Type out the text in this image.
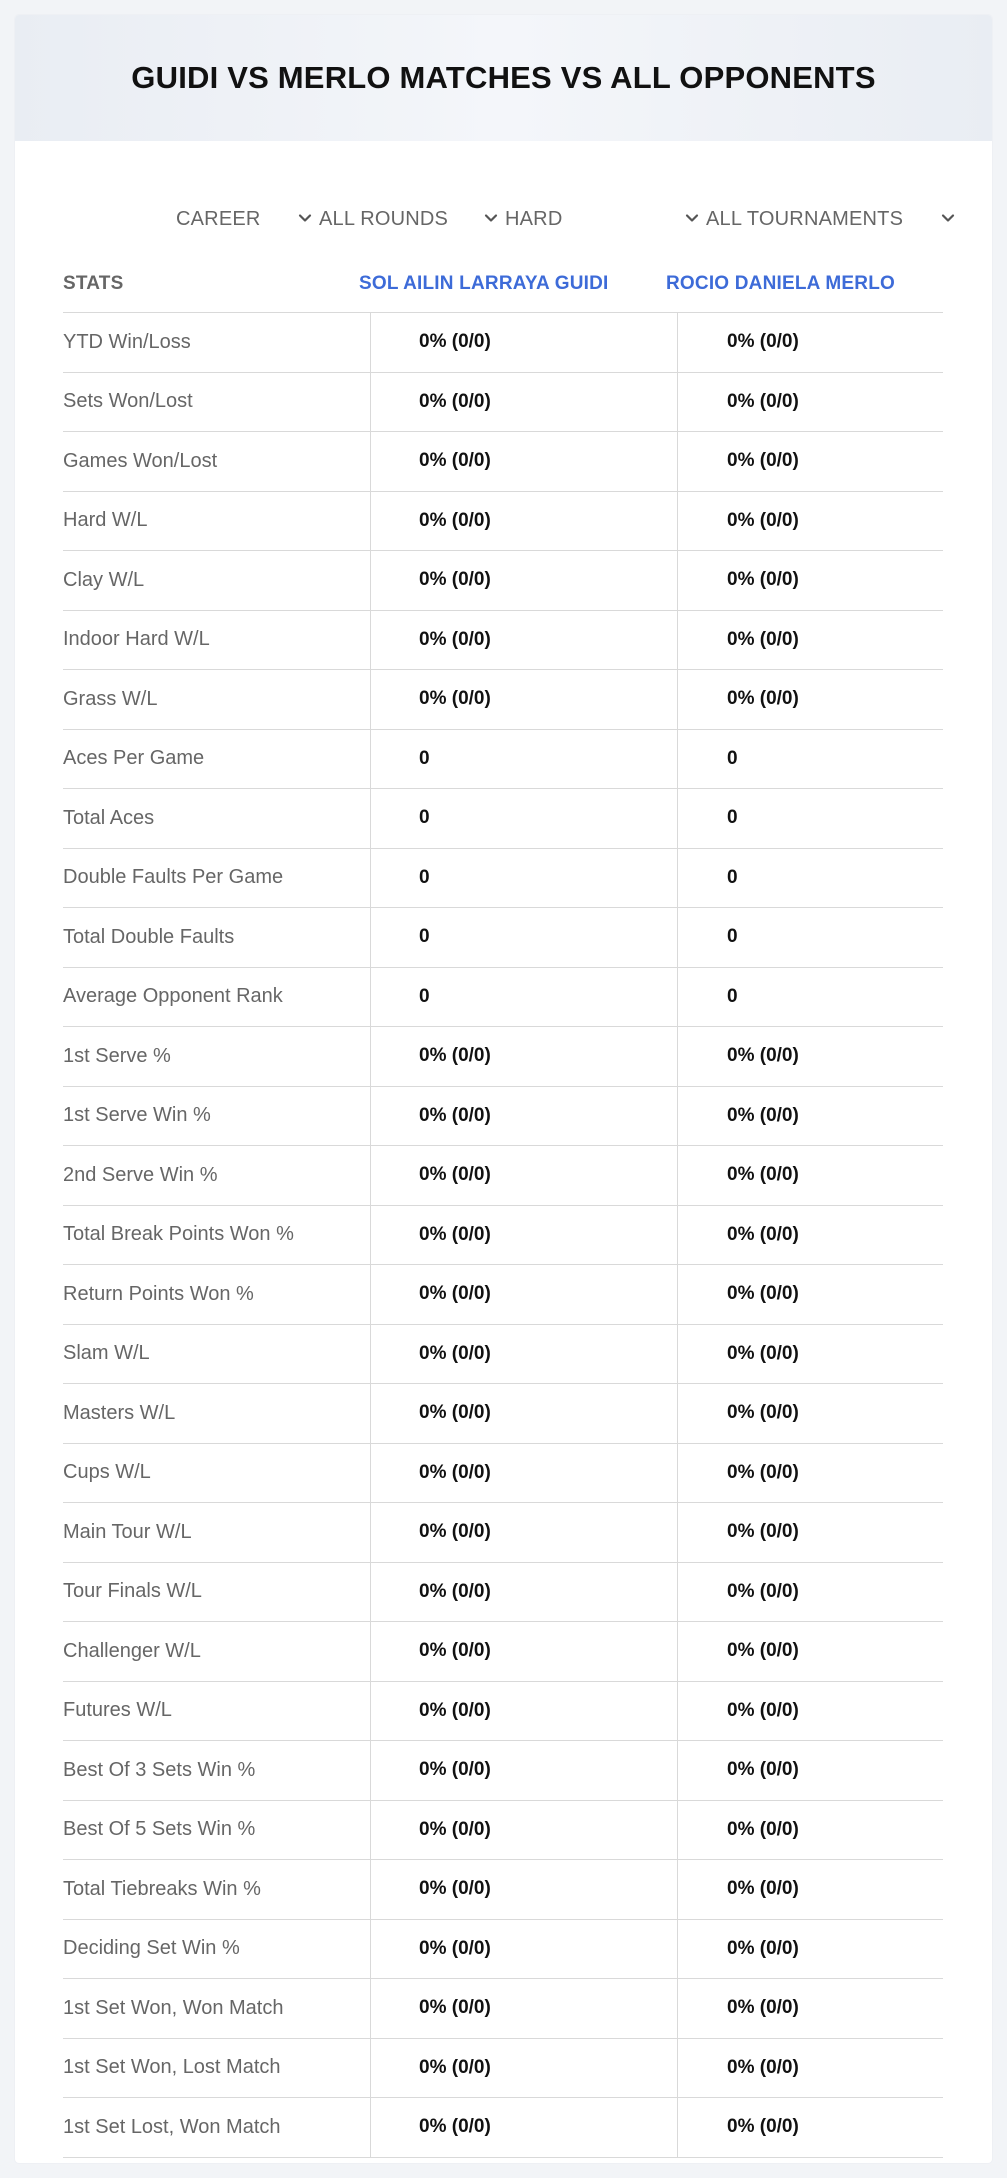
GUIDI VS MERLO MATCHES VS ALL OPPONENTS
CAREER	ALL ROUNDS	HARD	ALL TOURNAMENTS
STATS	SOL AILIN LARRAYA GUIDI	ROCIO DANIELA MERLO
YTD Win/Loss	0% (0/0)	0% (0/0)
Sets Won/Lost	0% (0/0)	0% (0/0)
Games Won/Lost	0% (0/0)	0% (0/0)
Hard W/L	0% (0/0)	0% (0/0)
Clay W/L	0% (0/0)	0% (0/0)
Indoor Hard W/L	0% (0/0)	0% (0/0)
Grass W/L	0% (0/0)	0% (0/0)
Aces Per Game	0	0
Total Aces	0	0
Double Faults Per Game	0	0
Total Double Faults	0	0
Average Opponent Rank	0	0
1st Serve %	0% (0/0)	0% (0/0)
1st Serve Win %	0% (0/0)	0% (0/0)
2nd Serve Win %	0% (0/0)	0% (0/0)
Total Break Points Won %	0% (0/0)	0% (0/0)
Return Points Won %	0% (0/0)	0% (0/0)
Slam W/L	0% (0/0)	0% (0/0)
Masters W/L	0% (0/0)	0% (0/0)
Cups W/L	0% (0/0)	0% (0/0)
Main Tour W/L	0% (0/0)	0% (0/0)
Tour Finals W/L	0% (0/0)	0% (0/0)
Challenger W/L	0% (0/0)	0% (0/0)
Futures W/L	0% (0/0)	0% (0/0)
Best Of 3 Sets Win %	0% (0/0)	0% (0/0)
Best Of 5 Sets Win %	0% (0/0)	0% (0/0)
Total Tiebreaks Win %	0% (0/0)	0% (0/0)
Deciding Set Win %	0% (0/0)	0% (0/0)
1st Set Won, Won Match	0% (0/0)	0% (0/0)
1st Set Won, Lost Match	0% (0/0)	0% (0/0)
1st Set Lost, Won Match	0% (0/0)	0% (0/0)
